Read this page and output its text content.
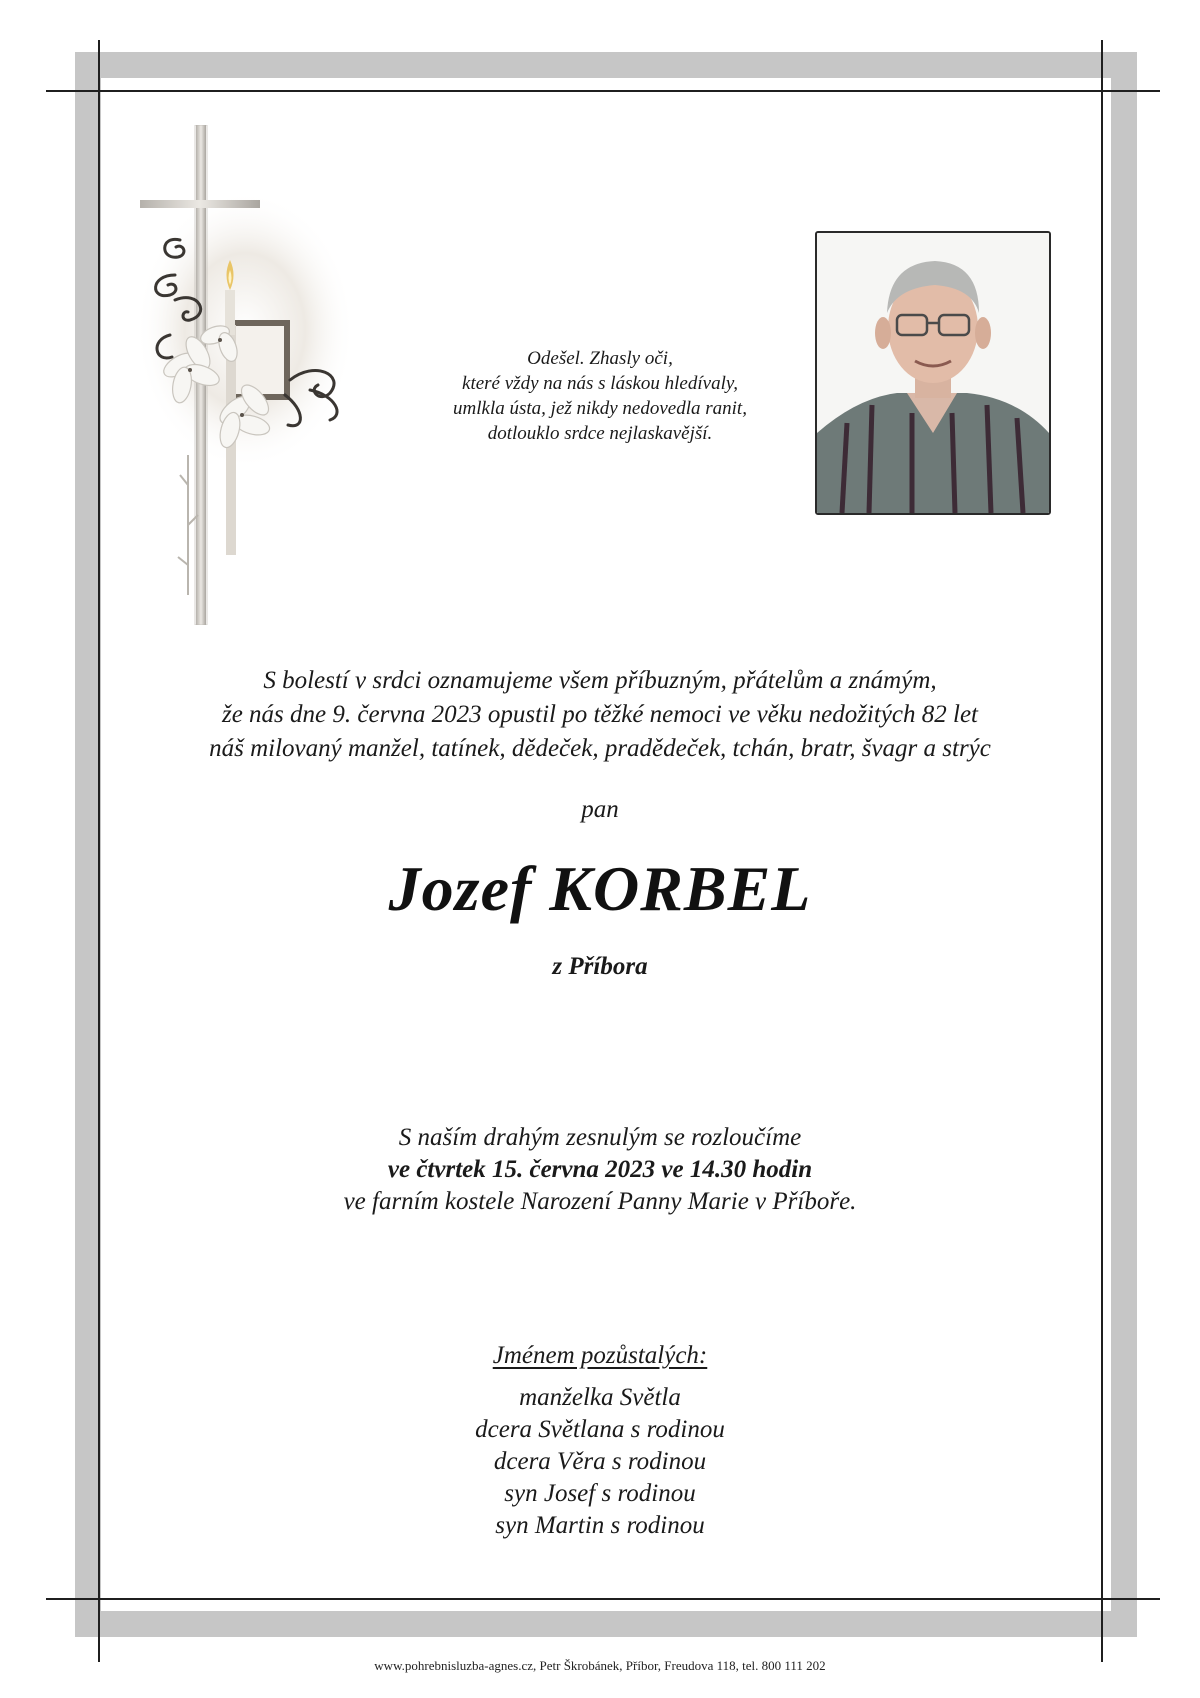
Odešel. Zhasly oči,
které vždy na nás s láskou hledívaly,
umlkla ústa, jež nikdy nedovedla ranit,
dotlouklo srdce nejlaskavější.
S bolestí v srdci oznamujeme všem příbuzným, přátelům a známým,
že nás dne 9. června 2023 opustil po těžké nemoci ve věku nedožitých 82 let
náš milovaný manžel, tatínek, dědeček, pradědeček, tchán, bratr, švagr a strýc
pan
Jozef KORBEL
z Příbora
S naším drahým zesnulým se rozloučíme
ve čtvrtek 15. června 2023 ve 14.30 hodin
ve farním kostele Narození Panny Marie v Příboře.
Jménem pozůstalých:
manželka Světla
dcera Světlana s rodinou
dcera Věra s rodinou
syn Josef s rodinou
syn Martin s rodinou
www.pohrebnisluzba-agnes.cz, Petr Škrobánek, Příbor, Freudova 118, tel. 800 111 202
